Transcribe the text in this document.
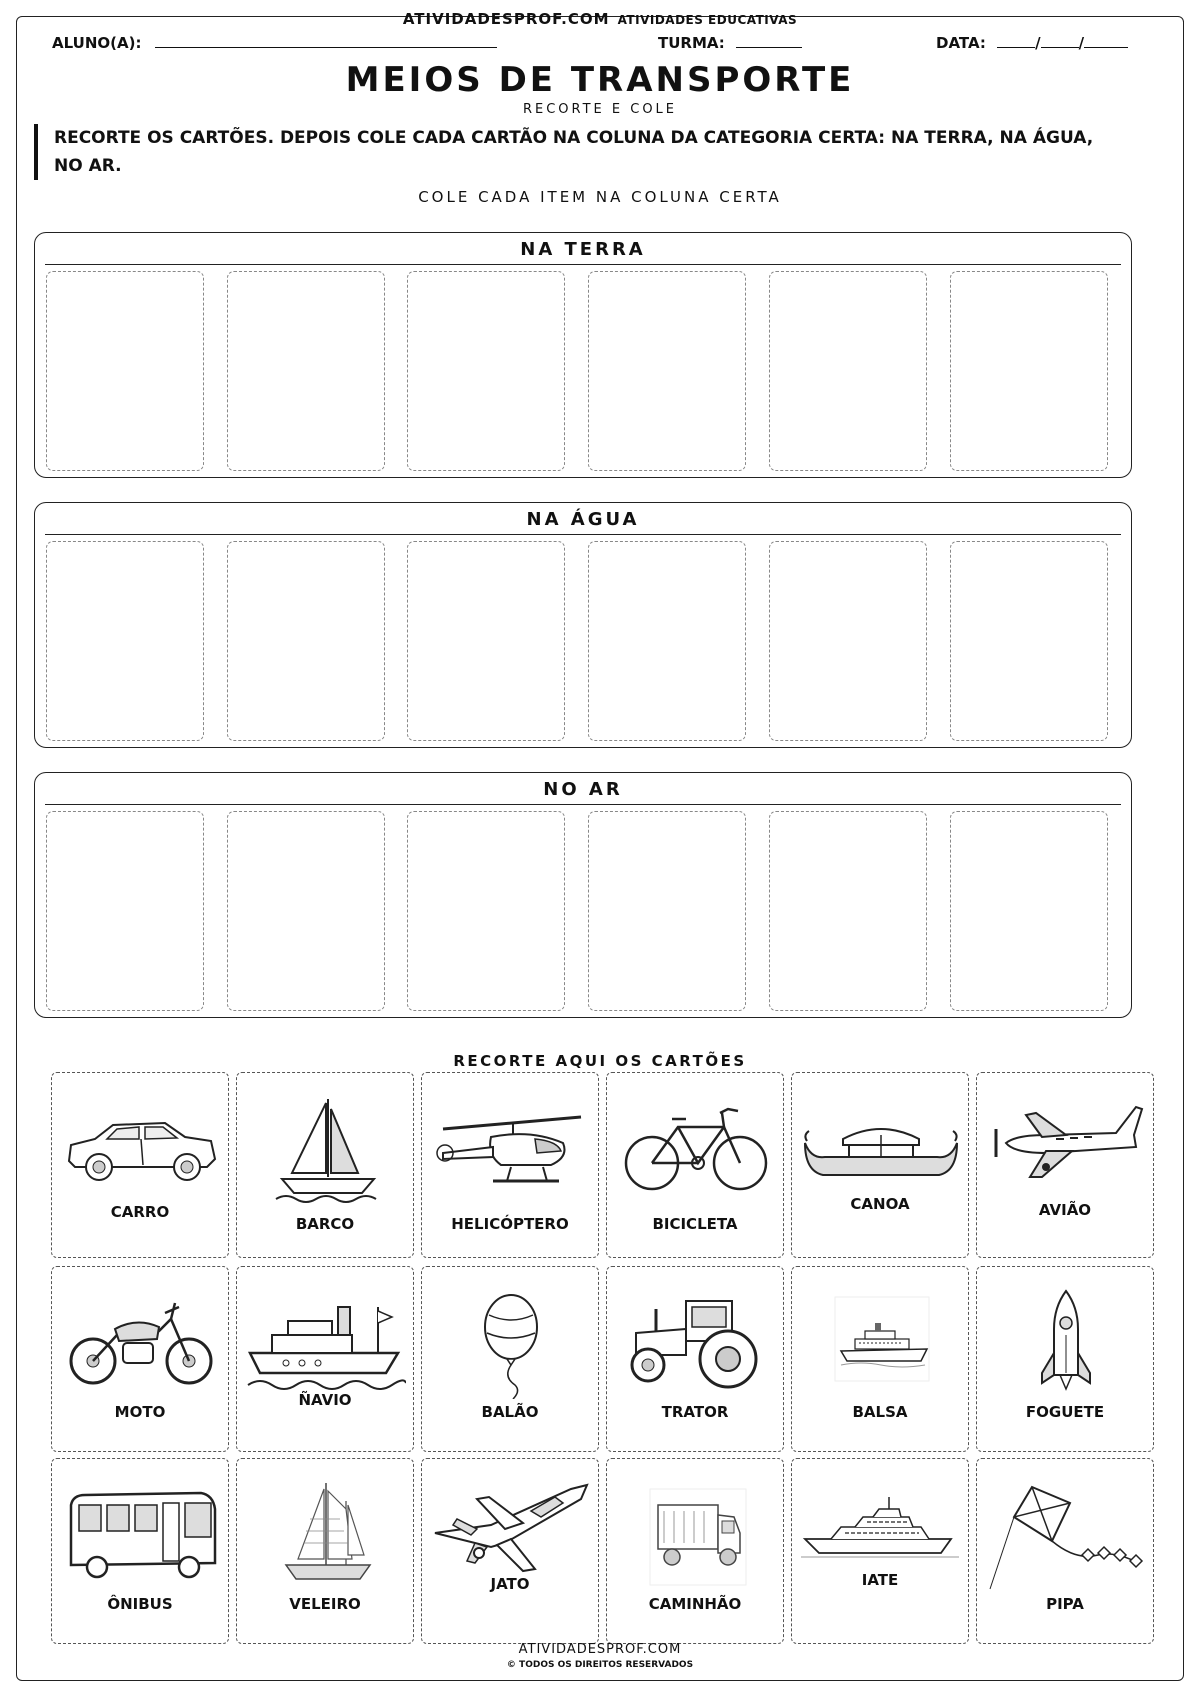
ATIVIDADESPROF.COM ATIVIDADES EDUCATIVAS
ALUNO(A):	TURMA:	DATA:	/	/
MEIOS DE TRANSPORTE
RECORTE E COLE
RECORTE OS CARTÕES. DEPOIS COLE CADA CARTÃO NA COLUNA DA CATEGORIA CERTA: NA TERRA, NA ÁGUA, NO AR.
COLE CADA ITEM NA COLUNA CERTA
NA TERRA
NA ÁGUA
NO AR
RECORTE AQUI OS CARTÕES
CARRO
BARCO	HELICÓPTERO	BICICLETA
CANOA	AVIÃO
MOTO
ÑAVIO
BALÃO	TRATOR	BALSA	FOGUETE
ÔNIBUS	VELEIRO
JATO
CAMINHÃO
IATE
PIPA
ATIVIDADESPROF.COM
© TODOS OS DIREITOS RESERVADOS
